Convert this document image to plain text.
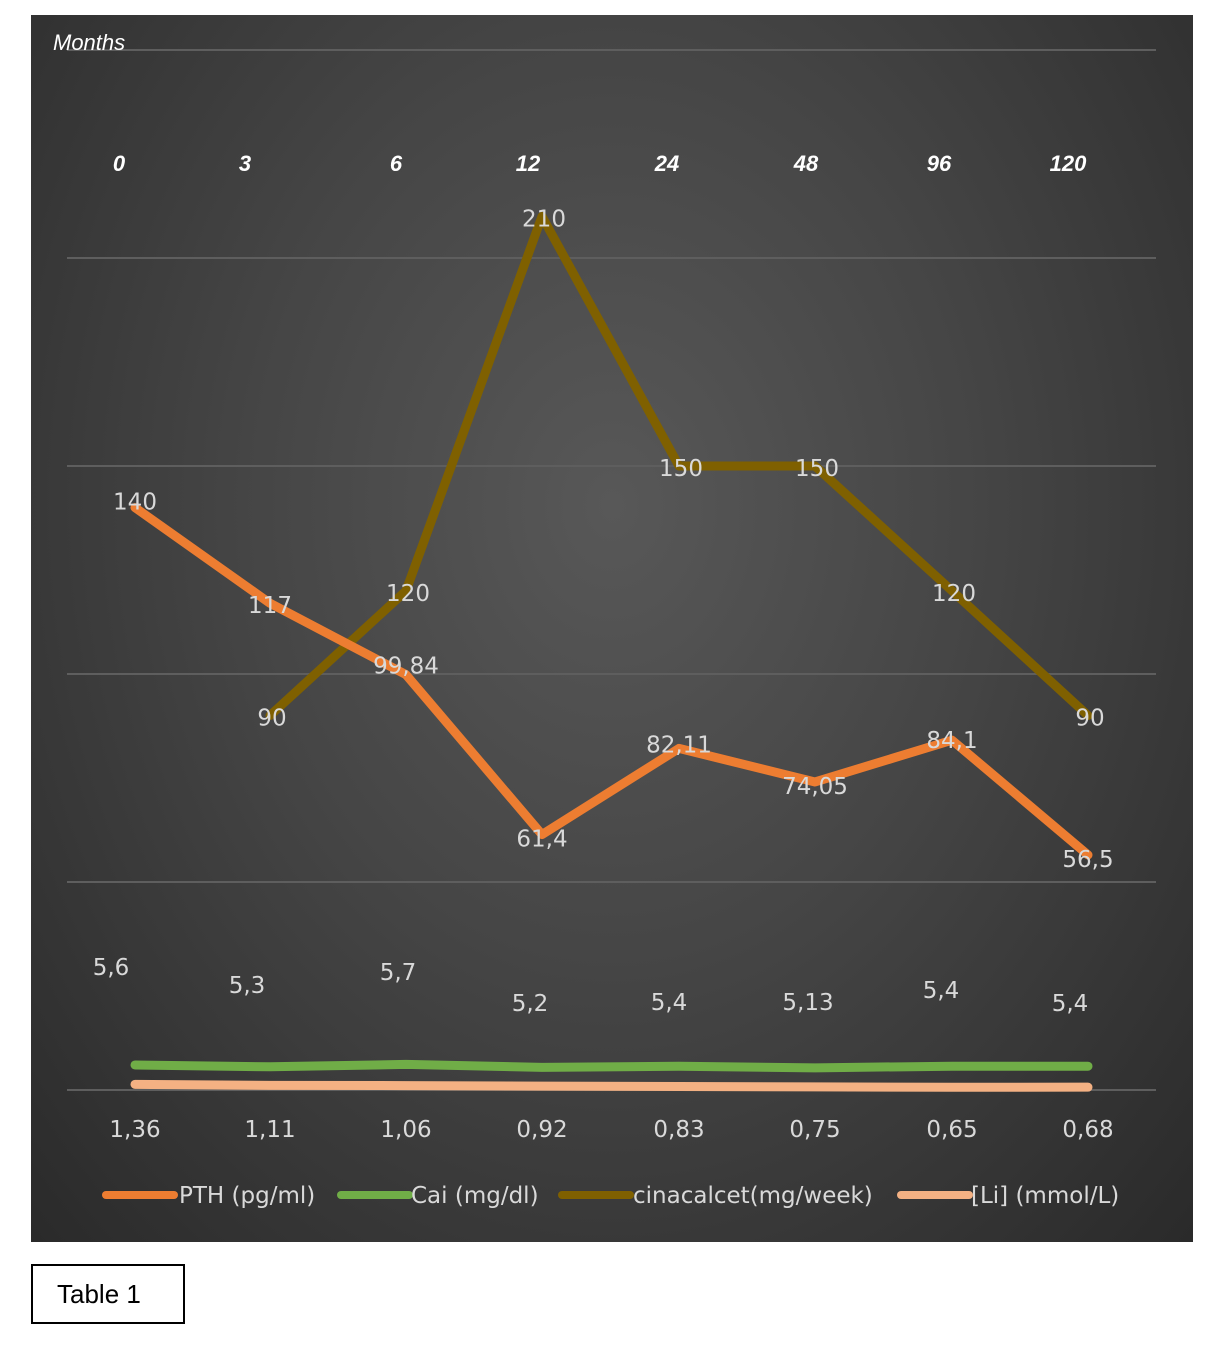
Months
0	3	6	12	24	48	96	120
90
120
210
150	150
120
90
140
117
99,84
61,4
82,11
74,05
84,1
56,5
5,6
5,3	5,7
5,2	5,4	5,13	5,4	5,4
1,36	1,11	1,06	0,92	0,83	0,75	0,65	0,68
PTH (pg/ml)	Cai (mg/dl)	cinacalcet(mg/week)	[Li] (mmol/L)
Table 1
